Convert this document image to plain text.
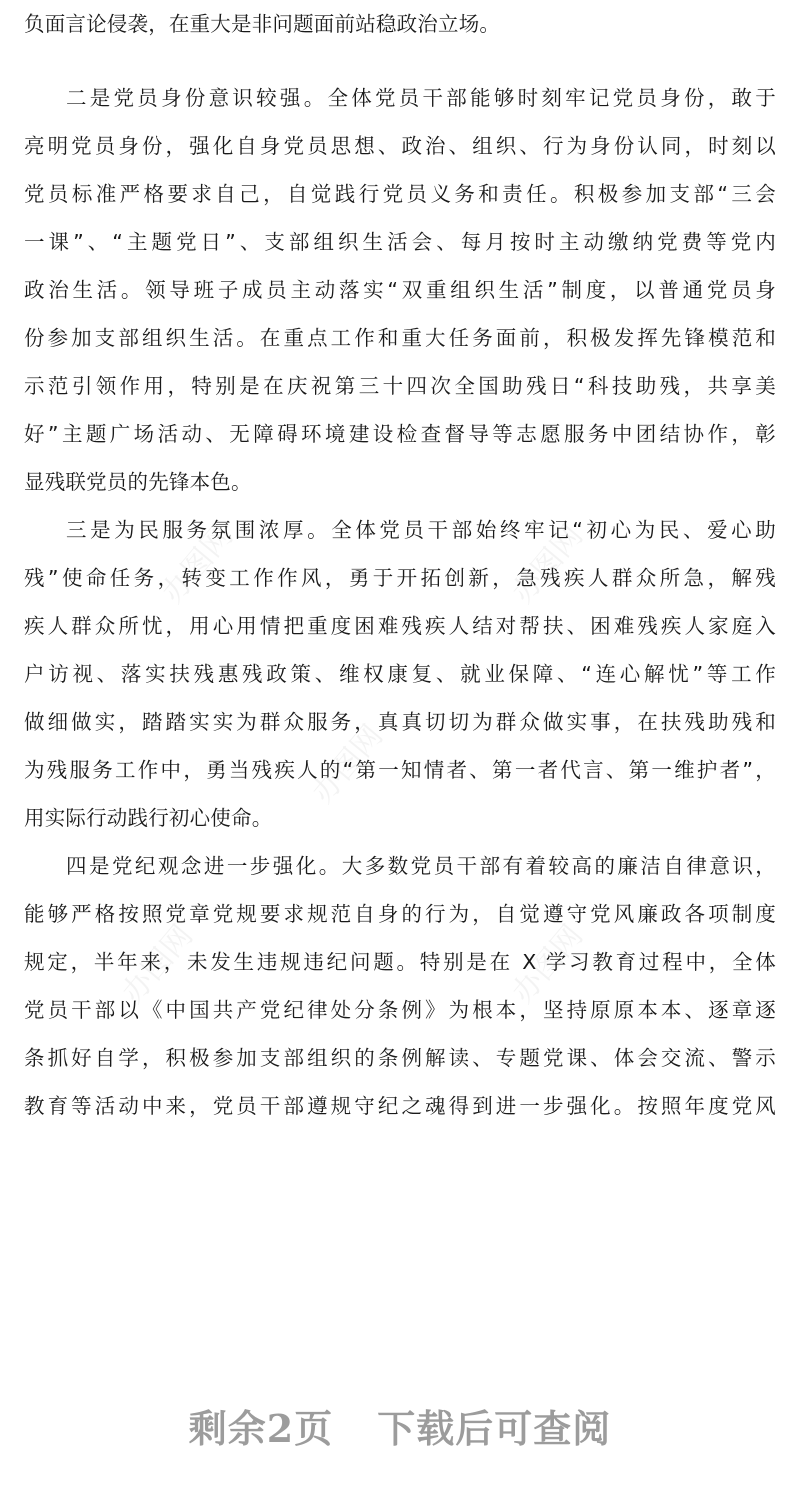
办图网	办图网
办图网
办图网	办图网
负面言论侵袭，在重大是非问题面前站稳政治立场。
二是党员身份意识较强。全体党员干部能够时刻牢记党员身份，敢于
亮明党员身份，强化自身党员思想、政治、组织、行为身份认同，时刻以
党员标准严格要求自己，自觉践行党员义务和责任。积极参加支部“三会
一课”、“主题党日”、支部组织生活会、每月按时主动缴纳党费等党内
政治生活。领导班子成员主动落实“双重组织生活”制度，以普通党员身
份参加支部组织生活。在重点工作和重大任务面前，积极发挥先锋模范和
示范引领作用，特别是在庆祝第三十四次全国助残日“科技助残，共享美
好”主题广场活动、无障碍环境建设检查督导等志愿服务中团结协作，彰
显残联党员的先锋本色。
三是为民服务氛围浓厚。全体党员干部始终牢记“初心为民、爱心助
残”使命任务，转变工作作风，勇于开拓创新，急残疾人群众所急，解残
疾人群众所忧，用心用情把重度困难残疾人结对帮扶、困难残疾人家庭入
户访视、落实扶残惠残政策、维权康复、就业保障、“连心解忧”等工作
做细做实，踏踏实实为群众服务，真真切切为群众做实事，在扶残助残和
为残服务工作中，勇当残疾人的“第一知情者、第一者代言、第一维护者”，
用实际行动践行初心使命。
四是党纪观念进一步强化。大多数党员干部有着较高的廉洁自律意识，
能够严格按照党章党规要求规范自身的行为，自觉遵守党风廉政各项制度
规定，半年来，未发生违规违纪问题。特别是在 X 学习教育过程中，全体
党员干部以《中国共产党纪律处分条例》为根本，坚持原原本本、逐章逐
条抓好自学，积极参加支部组织的条例解读、专题党课、体会交流、警示
教育等活动中来，党员干部遵规守纪之魂得到进一步强化。按照年度党风
剩余2页 下载后可查阅
